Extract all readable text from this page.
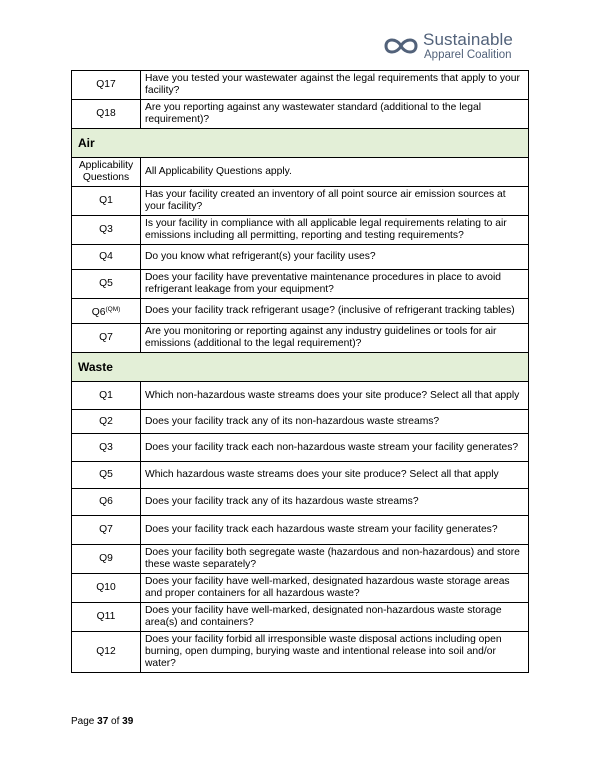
Sustainable
Apparel Coalition
Q17	Have you tested your wastewater against the legal requirements that apply to your facility?
Q18	Are you reporting against any wastewater standard (additional to the legal requirement)?
Air	
Applicability Questions	All Applicability Questions apply.
Q1	Has your facility created an inventory of all point source air emission sources at your facility?
Q3	Is your facility in compliance with all applicable legal requirements relating to air emissions including all permitting, reporting and testing requirements?
Q4	Do you know what refrigerant(s) your facility uses?
Q5	Does your facility have preventative maintenance procedures in place to avoid refrigerant leakage from your equipment?
$Q6^{(QM)}$	Does your facility track refrigerant usage? (inclusive of refrigerant tracking tables)
Q7	Are you monitoring or reporting against any industry guidelines or tools for air emissions (additional to the legal requirement)?
Waste	
Q1	Which non-hazardous waste streams does your site produce? Select all that apply
Q2	Does your facility track any of its non-hazardous waste streams?
Q3	Does your facility track each non-hazardous waste stream your facility generates?
Q5	Which hazardous waste streams does your site produce? Select all that apply
Q6	Does your facility track any of its hazardous waste streams?
Q7	Does your facility track each hazardous waste stream your facility generates?
Q9	Does your facility both segregate waste (hazardous and non-hazardous) and store these waste separately?
Q10	Does your facility have well-marked, designated hazardous waste storage areas and proper containers for all hazardous waste?
Q11	Does your facility have well-marked, designated non-hazardous waste storage area(s) and containers?
Q12	Does your facility forbid all irresponsible waste disposal actions including open burning, open dumping, burying waste and intentional release into soil and/or water?
Page 37 of 39
